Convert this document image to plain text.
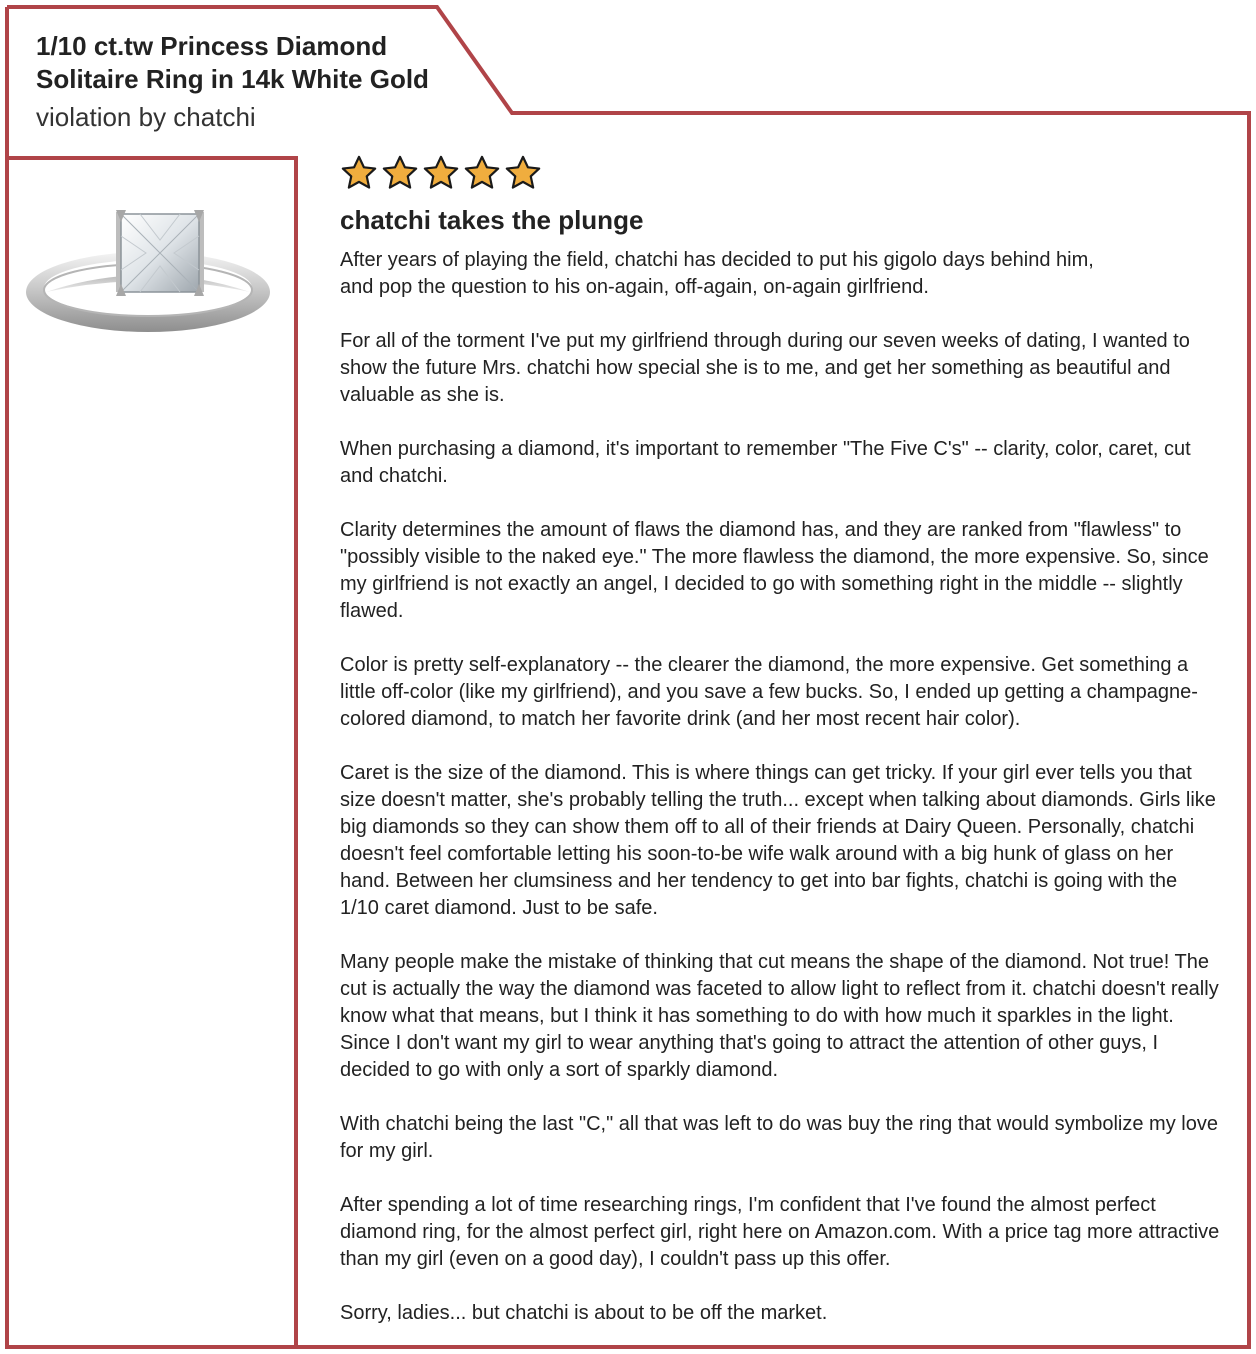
1/10 ct.tw Princess Diamond Solitaire Ring in 14k White Gold
violation by chatchi
chatchi takes the plunge

After years of playing the field, chatchi has decided to put his gigolo days behind him,
and pop the question to his on-again, off-again, on-again girlfriend.

For all of the torment I've put my girlfriend through during our seven weeks of dating, I wanted to show the future Mrs. chatchi how special she is to me, and get her something as beautiful and valuable as she is.

When purchasing a diamond, it's important to remember "The Five C's" -- clarity, color, caret, cut and chatchi.

Clarity determines the amount of flaws the diamond has, and they are ranked from "flawless" to "possibly visible to the naked eye." The more flawless the diamond, the more expensive. So, since my girlfriend is not exactly an angel, I decided to go with something right in the middle -- slightly flawed.

Color is pretty self-explanatory -- the clearer the diamond, the more expensive. Get something a little off-color (like my girlfriend), and you save a few bucks. So, I ended up getting a champagne-colored diamond, to match her favorite drink (and her most recent hair color).

Caret is the size of the diamond. This is where things can get tricky. If your girl ever tells you that size doesn't matter, she's probably telling the truth... except when talking about diamonds. Girls like big diamonds so they can show them off to all of their friends at Dairy Queen. Personally, chatchi doesn't feel comfortable letting his soon-to-be wife walk around with a big hunk of glass on her hand. Between her clumsiness and her tendency to get into bar fights, chatchi is going with the 1/10 caret diamond. Just to be safe.

Many people make the mistake of thinking that cut means the shape of the diamond. Not true! The cut is actually the way the diamond was faceted to allow light to reflect from it. chatchi doesn't really know what that means, but I think it has something to do with how much it sparkles in the light. Since I don't want my girl to wear anything that's going to attract the attention of other guys, I decided to go with only a sort of sparkly diamond.

With chatchi being the last "C," all that was left to do was buy the ring that would symbolize my love for my girl.

After spending a lot of time researching rings, I'm confident that I've found the almost perfect diamond ring, for the almost perfect girl, right here on Amazon.com. With a price tag more attractive than my girl (even on a good day), I couldn't pass up this offer.

Sorry, ladies... but chatchi is about to be off the market.
